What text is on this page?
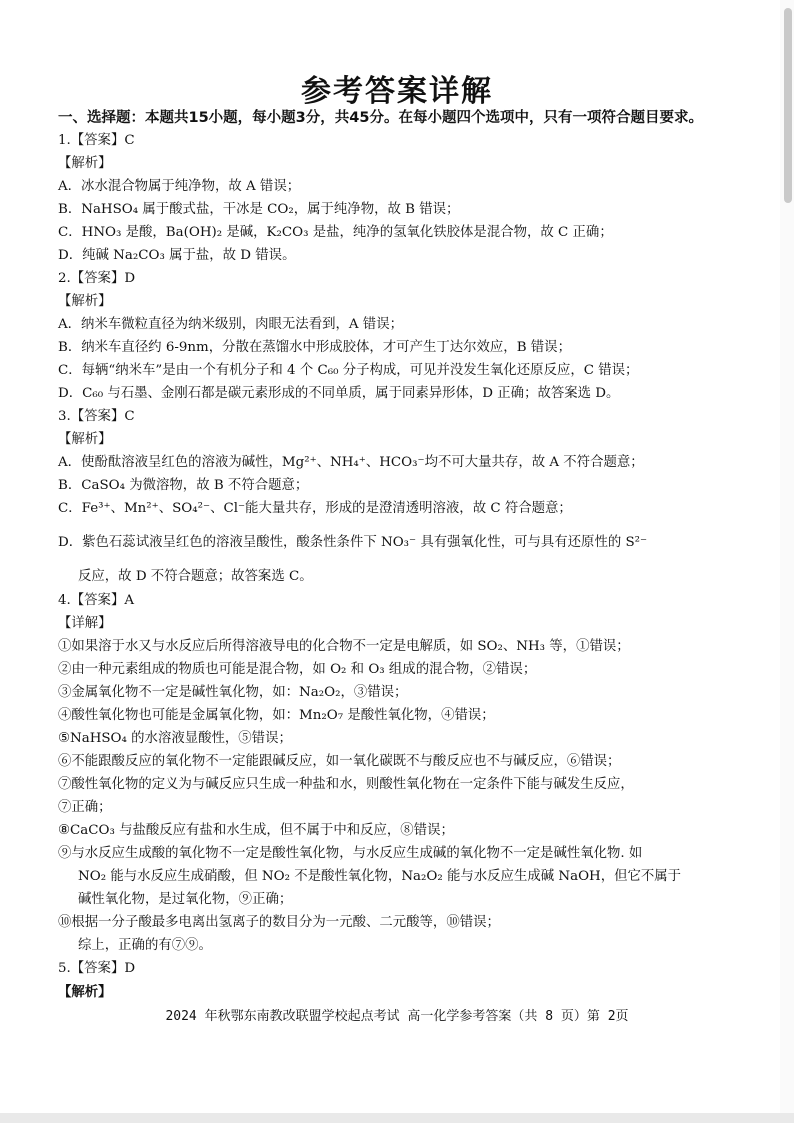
参考答案详解
一、选择题：本题共15小题，每小题3分，共45分。在每小题四个选项中，只有一项符合题目要求。
1.【答案】C
【解析】
A．冰水混合物属于纯净物，故 A 错误；
B．NaHSO₄ 属于酸式盐，干冰是 CO₂，属于纯净物，故 B 错误；
C．HNO₃ 是酸，Ba(OH)₂ 是碱，K₂CO₃ 是盐，纯净的氢氧化铁胶体是混合物，故 C 正确；
D．纯碱 Na₂CO₃ 属于盐，故 D 错误。
2.【答案】D
【解析】
A．纳米车微粒直径为纳米级别，肉眼无法看到，A 错误；
B．纳米车直径约 6-9nm，分散在蒸馏水中形成胶体，才可产生丁达尔效应，B 错误；
C．每辆“纳米车”是由一个有机分子和 4 个 C₆₀ 分子构成，可见并没发生氧化还原反应，C 错误；
D．C₆₀ 与石墨、金刚石都是碳元素形成的不同单质，属于同素异形体，D 正确；故答案选 D。
3.【答案】C
【解析】
A．使酚酞溶液呈红色的溶液为碱性，Mg²⁺、NH₄⁺、HCO₃⁻均不可大量共存，故 A 不符合题意；
B．CaSO₄ 为微溶物，故 B 不符合题意；
C．Fe³⁺、Mn²⁺、SO₄²⁻、Cl⁻能大量共存，形成的是澄清透明溶液，故 C 符合题意；
D．紫色石蕊试液呈红色的溶液呈酸性，酸条性条件下 NO₃⁻ 具有强氧化性，可与具有还原性的 S²⁻
反应，故 D 不符合题意；故答案选 C。
4.【答案】A
【详解】
①如果溶于水又与水反应后所得溶液导电的化合物不一定是电解质，如 SO₂、NH₃ 等，①错误；
②由一种元素组成的物质也可能是混合物，如 O₂ 和 O₃ 组成的混合物，②错误；
③金属氧化物不一定是碱性氧化物，如：Na₂O₂，③错误；
④酸性氧化物也可能是金属氧化物，如：Mn₂O₇ 是酸性氧化物，④错误；
⑤NaHSO₄ 的水溶液显酸性，⑤错误；
⑥不能跟酸反应的氧化物不一定能跟碱反应，如一氧化碳既不与酸反应也不与碱反应，⑥错误；
⑦酸性氧化物的定义为与碱反应只生成一种盐和水，则酸性氧化物在一定条件下能与碱发生反应，
⑦正确；
⑧CaCO₃ 与盐酸反应有盐和水生成，但不属于中和反应，⑧错误；
⑨与水反应生成酸的氧化物不一定是酸性氧化物，与水反应生成碱的氧化物不一定是碱性氧化物. 如
NO₂ 能与水反应生成硝酸，但 NO₂ 不是酸性氧化物，Na₂O₂ 能与水反应生成碱 NaOH，但它不属于
碱性氧化物，是过氧化物，⑨正确；
⑩根据一分子酸最多电离出氢离子的数目分为一元酸、二元酸等，⑩错误；
综上，正确的有⑦⑨。
5.【答案】D
【解析】
2024 年秋鄂东南教改联盟学校起点考试 高一化学参考答案（共 8 页）第 2页
